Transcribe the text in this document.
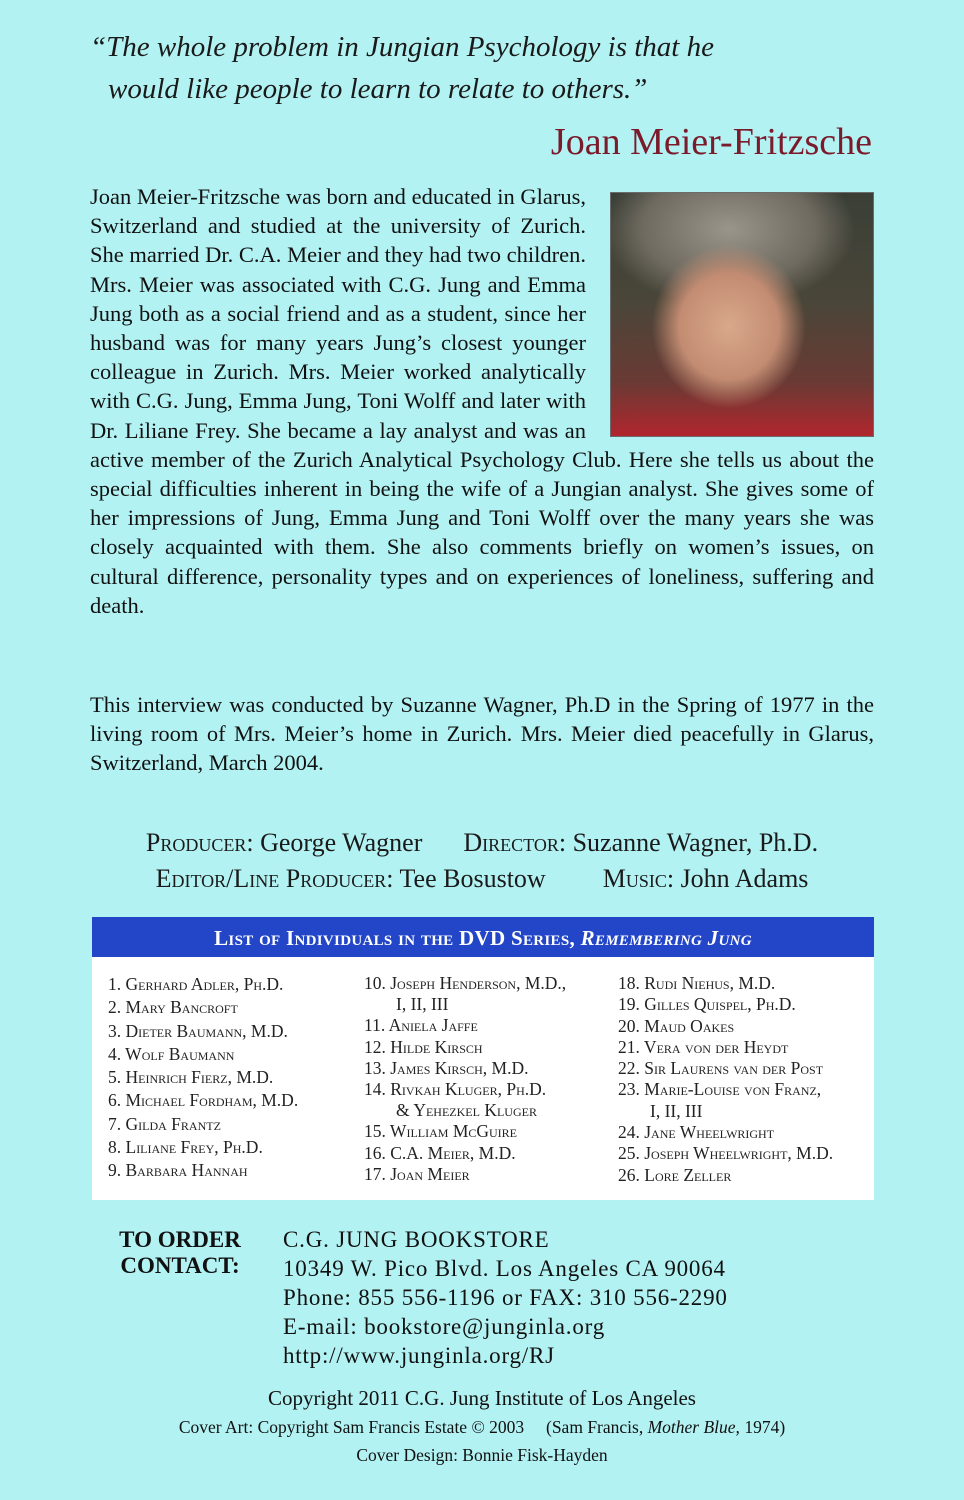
“The whole problem in Jungian Psychology is that he
would like people to learn to relate to others.”
Joan Meier-Fritzsche
Joan Meier-Fritzsche was born and educated in Glarus, Switzerland and studied at the university of Zurich. She married Dr. C.A. Meier and they had two children. Mrs. Meier was associated with C.G. Jung and Emma Jung both as a social friend and as a student, since her husband was for many years Jung’s closest younger colleague in Zurich. Mrs. Meier worked analytically with C.G. Jung, Emma Jung, Toni Wolff and later with Dr. Liliane Frey. She became a lay analyst and was an active member of the Zurich Analytical Psychology Club. Here she tells us about the special difficulties inherent in being the wife of a Jungian analyst. She gives some of her impressions of Jung, Emma Jung and Toni Wolff over the many years she was closely acquainted with them. She also comments briefly on women’s issues, on cultural difference, personality types and on experiences of loneliness, suffering and death.
This interview was conducted by Suzanne Wagner, Ph.D in the Spring of 1977 in the living room of Mrs. Meier’s home in Zurich. Mrs. Meier died peacefully in Glarus, Switzerland, March 2004.
Producer: George Wagner Director: Suzanne Wagner, Ph.D.
Editor/Line Producer: Tee Bosustow Music: John Adams
List of Individuals in the DVD Series, Remembering Jung
1. Gerhard Adler, Ph.D.
2. Mary Bancroft
3. Dieter Baumann, M.D.
4. Wolf Baumann
5. Heinrich Fierz, M.D.
6. Michael Fordham, M.D.
7. Gilda Frantz
8. Liliane Frey, Ph.D.
9. Barbara Hannah
10. Joseph Henderson, M.D.,
I, II, III
11. Aniela Jaffe
12. Hilde Kirsch
13. James Kirsch, M.D.
14. Rivkah Kluger, Ph.D.
& Yehezkel Kluger
15. William McGuire
16. C.A. Meier, M.D.
17. Joan Meier
18. Rudi Niehus, M.D.
19. Gilles Quispel, Ph.D.
20. Maud Oakes
21. Vera von der Heydt
22. Sir Laurens van der Post
23. Marie-Louise von Franz,
I, II, III
24. Jane Wheelwright
25. Joseph Wheelwright, M.D.
26. Lore Zeller
TO ORDER
CONTACT:
C.G. JUNG BOOKSTORE
10349 W. Pico Blvd. Los Angeles CA 90064
Phone: 855 556-1196 or FAX: 310 556-2290
E-mail: bookstore@junginla.org
http://www.junginla.org/RJ
Copyright 2011 C.G. Jung Institute of Los Angeles
Cover Art: Copyright Sam Francis Estate © 2003 (Sam Francis, Mother Blue, 1974)
Cover Design: Bonnie Fisk-Hayden
